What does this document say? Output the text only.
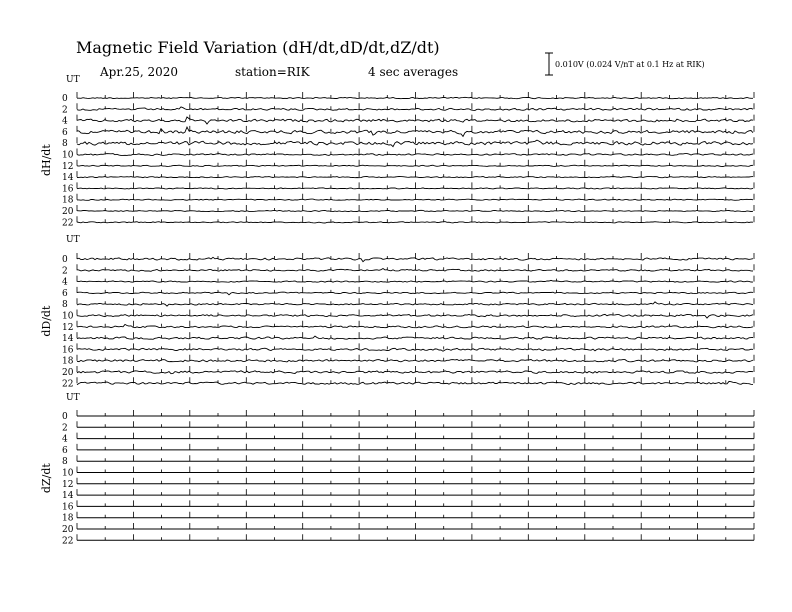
Magnetic Field Variation (dH/dt,dD/dt,dZ/dt)
Apr.25, 2020	station=RIK	4 sec averages
0.010V (0.024 V/nT at 0.1 Hz at RIK)
UT
dH/dt
0
2
4
6
8
10
12
14
16
18
20
22
UT
dD/dt
0
2
4
6
8
10
12
14
16
18
20
22
UT
dZ/dt
0
2
4
6
8
10
12
14
16
18
20
22
